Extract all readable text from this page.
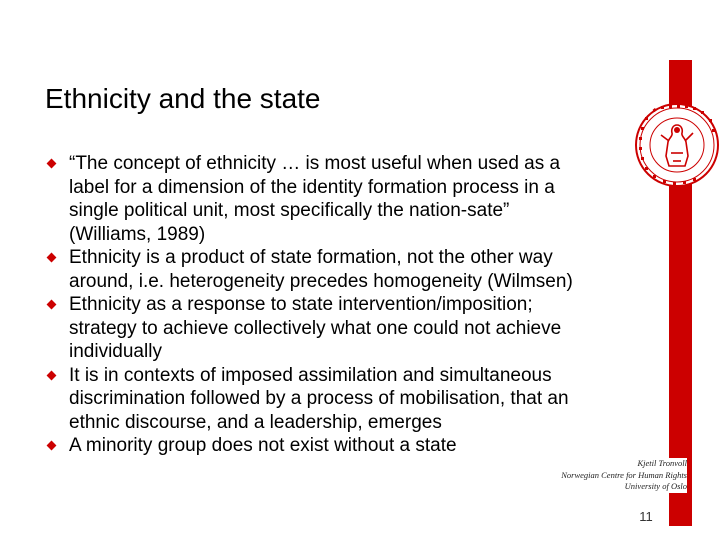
Ethnicity and the state
“The concept of ethnicity … is most useful when used as a
label for a dimension of the identity formation process in a
single political unit, most specifically the nation-sate”
(Williams, 1989)
Ethnicity is a product of state formation, not the other way
around, i.e. heterogeneity precedes homogeneity (Wilmsen)
Ethnicity as a response to state intervention/imposition;
strategy to achieve collectively what one could not achieve
individually
It is in contexts of imposed assimilation and simultaneous
discrimination followed by a process of mobilisation, that an
ethnic discourse, and a leadership, emerges
A minority group does not exist without a state
Kjetil Tronvoll
Norwegian Centre for Human Rights
University of Oslo
11
